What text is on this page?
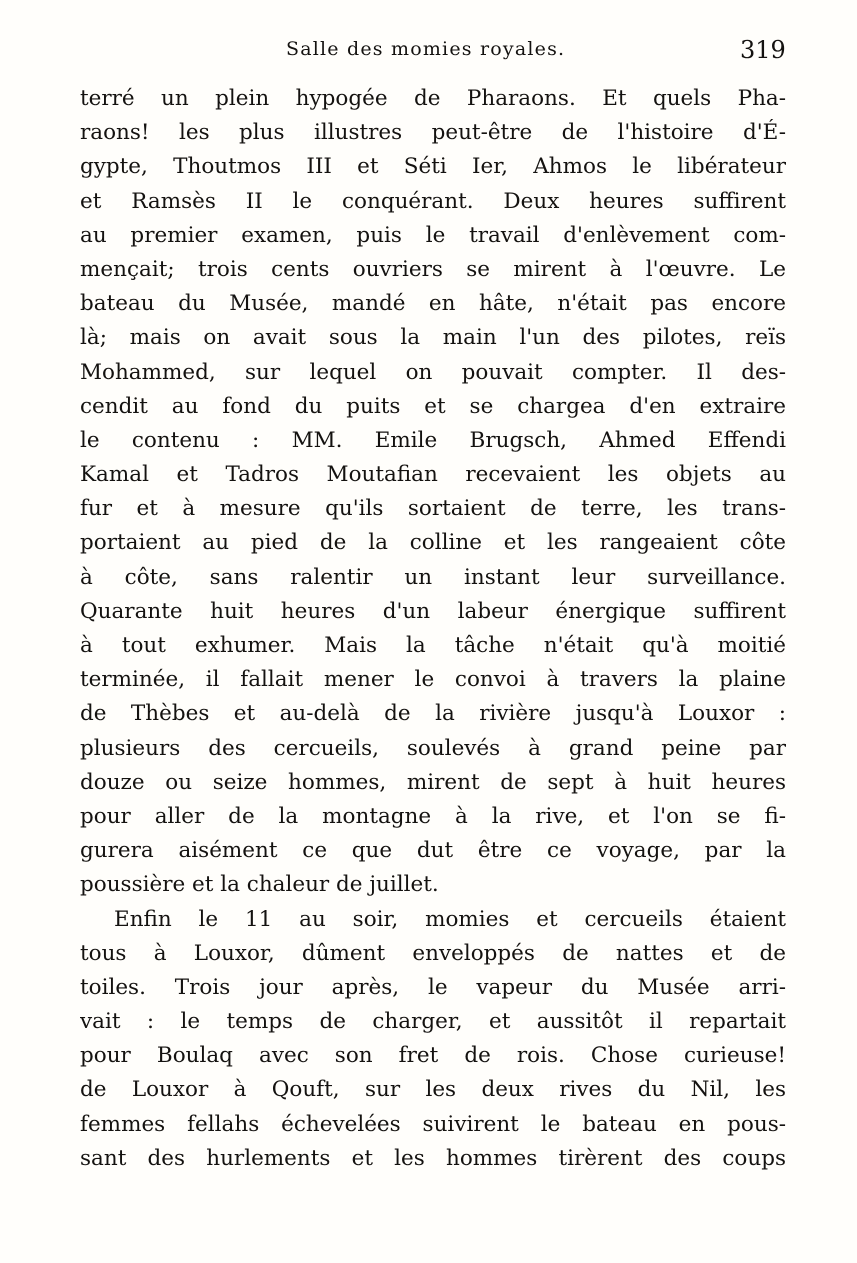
Salle des momies royales.	319
terré un plein hypogée de Pharaons. Et quels Pha-
raons! les plus illustres peut-être de l'histoire d'É-
gypte, Thoutmos III et Séti Ier, Ahmos le libérateur
et Ramsès II le conquérant. Deux heures suffirent
au premier examen, puis le travail d'enlèvement com-
mençait; trois cents ouvriers se mirent à l'œuvre. Le
bateau du Musée, mandé en hâte, n'était pas encore
là; mais on avait sous la main l'un des pilotes, reïs
Mohammed, sur lequel on pouvait compter. Il des-
cendit au fond du puits et se chargea d'en extraire
le contenu : MM. Emile Brugsch, Ahmed Effendi
Kamal et Tadros Moutafian recevaient les objets au
fur et à mesure qu'ils sortaient de terre, les trans-
portaient au pied de la colline et les rangeaient côte
à côte, sans ralentir un instant leur surveillance.
Quarante huit heures d'un labeur énergique suffirent
à tout exhumer. Mais la tâche n'était qu'à moitié
terminée, il fallait mener le convoi à travers la plaine
de Thèbes et au-delà de la rivière jusqu'à Louxor :
plusieurs des cercueils, soulevés à grand peine par
douze ou seize hommes, mirent de sept à huit heures
pour aller de la montagne à la rive, et l'on se fi-
gurera aisément ce que dut être ce voyage, par la
poussière et la chaleur de juillet.
Enfin le 11 au soir, momies et cercueils étaient
tous à Louxor, dûment enveloppés de nattes et de
toiles. Trois jour après, le vapeur du Musée arri-
vait : le temps de charger, et aussitôt il repartait
pour Boulaq avec son fret de rois. Chose curieuse!
de Louxor à Qouft, sur les deux rives du Nil, les
femmes fellahs échevelées suivirent le bateau en pous-
sant des hurlements et les hommes tirèrent des coups
